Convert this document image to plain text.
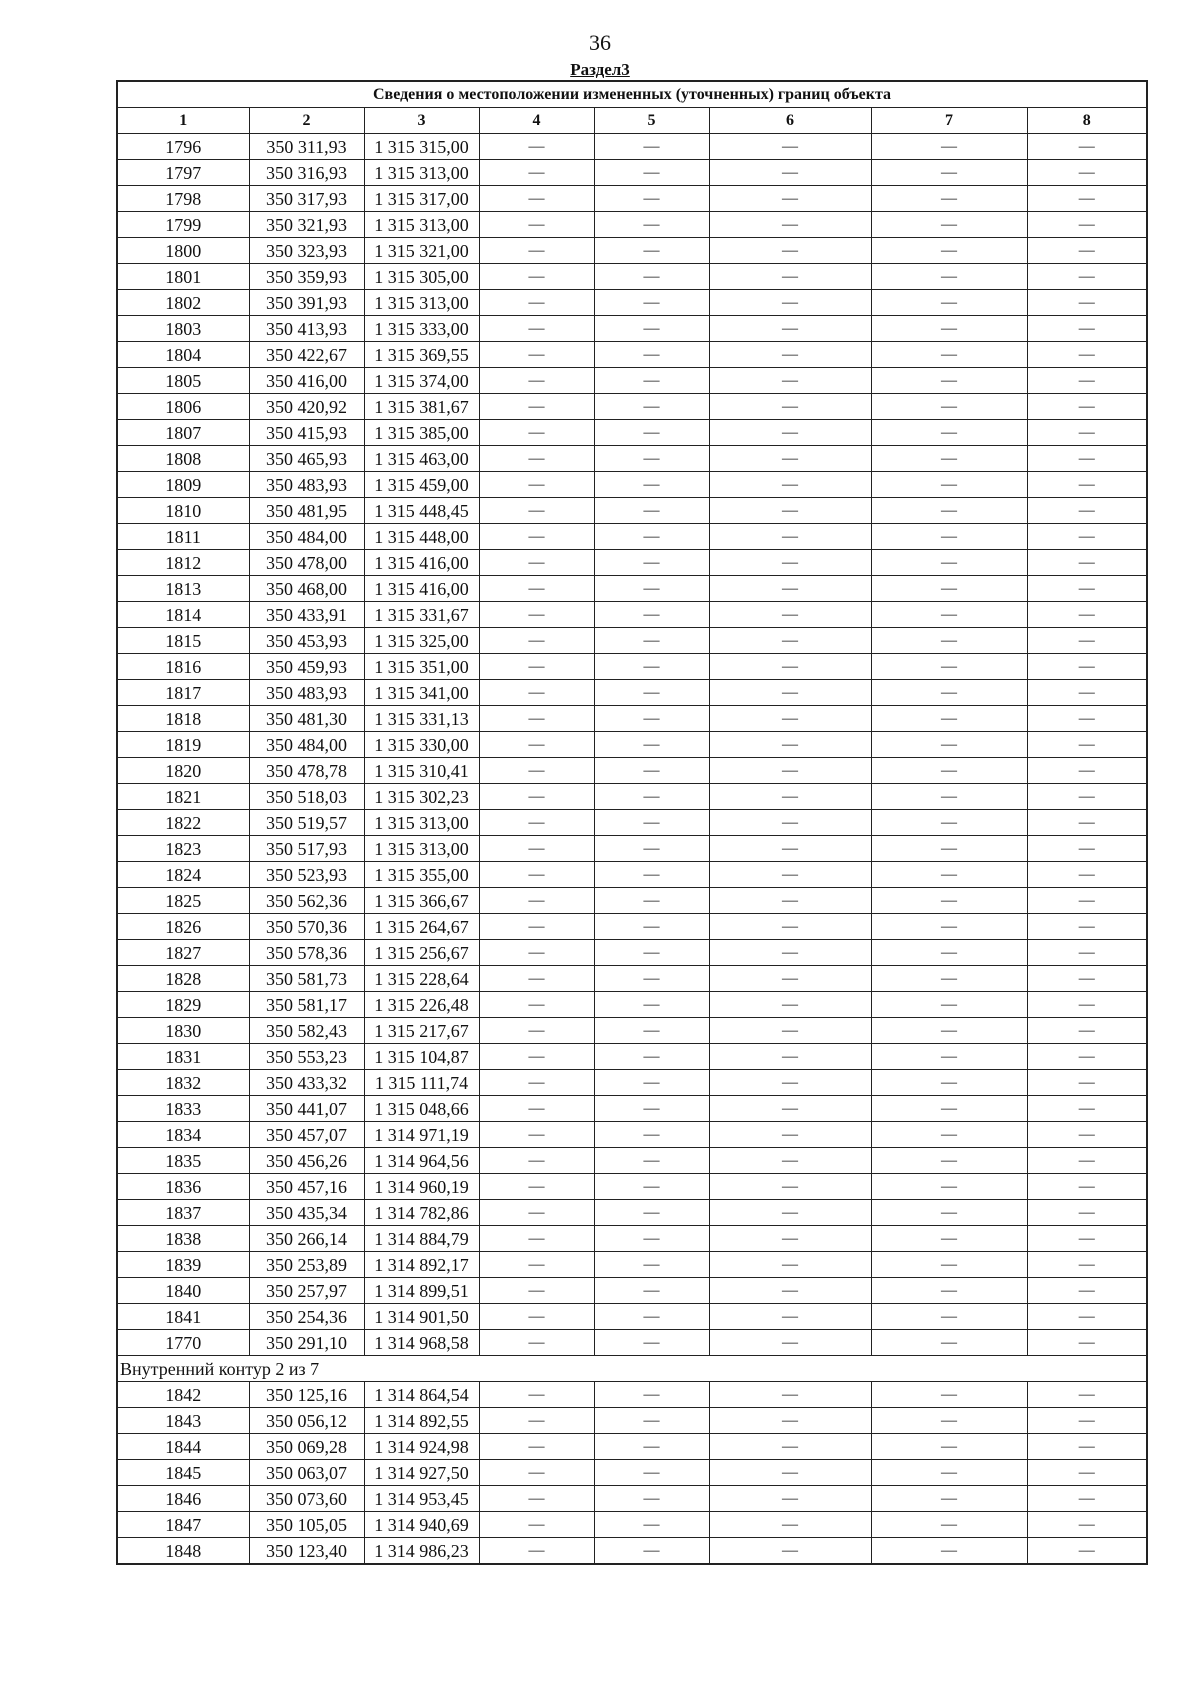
36
Раздел3
Сведения о местоположении измененных (уточненных) границ объекта							
1	2	3	4	5	6	7	8
1796	350 311,93	1 315 315,00	—	—	—	—	—
1797	350 316,93	1 315 313,00	—	—	—	—	—
1798	350 317,93	1 315 317,00	—	—	—	—	—
1799	350 321,93	1 315 313,00	—	—	—	—	—
1800	350 323,93	1 315 321,00	—	—	—	—	—
1801	350 359,93	1 315 305,00	—	—	—	—	—
1802	350 391,93	1 315 313,00	—	—	—	—	—
1803	350 413,93	1 315 333,00	—	—	—	—	—
1804	350 422,67	1 315 369,55	—	—	—	—	—
1805	350 416,00	1 315 374,00	—	—	—	—	—
1806	350 420,92	1 315 381,67	—	—	—	—	—
1807	350 415,93	1 315 385,00	—	—	—	—	—
1808	350 465,93	1 315 463,00	—	—	—	—	—
1809	350 483,93	1 315 459,00	—	—	—	—	—
1810	350 481,95	1 315 448,45	—	—	—	—	—
1811	350 484,00	1 315 448,00	—	—	—	—	—
1812	350 478,00	1 315 416,00	—	—	—	—	—
1813	350 468,00	1 315 416,00	—	—	—	—	—
1814	350 433,91	1 315 331,67	—	—	—	—	—
1815	350 453,93	1 315 325,00	—	—	—	—	—
1816	350 459,93	1 315 351,00	—	—	—	—	—
1817	350 483,93	1 315 341,00	—	—	—	—	—
1818	350 481,30	1 315 331,13	—	—	—	—	—
1819	350 484,00	1 315 330,00	—	—	—	—	—
1820	350 478,78	1 315 310,41	—	—	—	—	—
1821	350 518,03	1 315 302,23	—	—	—	—	—
1822	350 519,57	1 315 313,00	—	—	—	—	—
1823	350 517,93	1 315 313,00	—	—	—	—	—
1824	350 523,93	1 315 355,00	—	—	—	—	—
1825	350 562,36	1 315 366,67	—	—	—	—	—
1826	350 570,36	1 315 264,67	—	—	—	—	—
1827	350 578,36	1 315 256,67	—	—	—	—	—
1828	350 581,73	1 315 228,64	—	—	—	—	—
1829	350 581,17	1 315 226,48	—	—	—	—	—
1830	350 582,43	1 315 217,67	—	—	—	—	—
1831	350 553,23	1 315 104,87	—	—	—	—	—
1832	350 433,32	1 315 111,74	—	—	—	—	—
1833	350 441,07	1 315 048,66	—	—	—	—	—
1834	350 457,07	1 314 971,19	—	—	—	—	—
1835	350 456,26	1 314 964,56	—	—	—	—	—
1836	350 457,16	1 314 960,19	—	—	—	—	—
1837	350 435,34	1 314 782,86	—	—	—	—	—
1838	350 266,14	1 314 884,79	—	—	—	—	—
1839	350 253,89	1 314 892,17	—	—	—	—	—
1840	350 257,97	1 314 899,51	—	—	—	—	—
1841	350 254,36	1 314 901,50	—	—	—	—	—
1770	350 291,10	1 314 968,58	—	—	—	—	—
Внутренний контур 2 из 7							
1842	350 125,16	1 314 864,54	—	—	—	—	—
1843	350 056,12	1 314 892,55	—	—	—	—	—
1844	350 069,28	1 314 924,98	—	—	—	—	—
1845	350 063,07	1 314 927,50	—	—	—	—	—
1846	350 073,60	1 314 953,45	—	—	—	—	—
1847	350 105,05	1 314 940,69	—	—	—	—	—
1848	350 123,40	1 314 986,23	—	—	—	—	—
